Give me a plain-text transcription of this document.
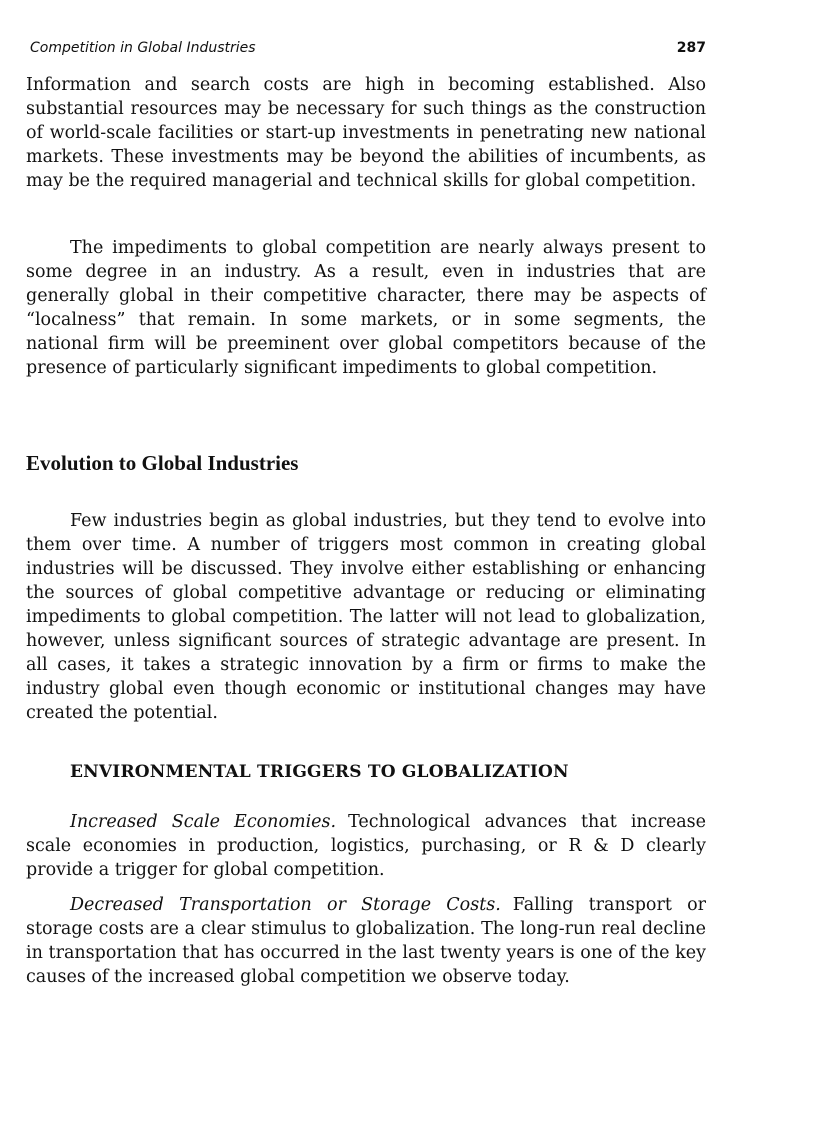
Competition in Global Industries	287

Information and search costs are high in becoming established. Also substantial resources may be necessary for such things as the construction of world-scale facilities or start-up investments in penetrating new national markets. These investments may be beyond the abilities of incumbents, as may be the required managerial and technical skills for global competition.

The impediments to global competition are nearly always present to some degree in an industry. As a result, even in industries that are generally global in their competitive character, there may be aspects of “localness” that remain. In some markets, or in some segments, the national firm will be preeminent over global competitors because of the presence of particularly significant impediments to global competition.

Evolution to Global Industries

Few industries begin as global industries, but they tend to evolve into them over time. A number of triggers most common in creating global industries will be discussed. They involve either establishing or enhancing the sources of global competitive advantage or reducing or eliminating impediments to global competition. The latter will not lead to globalization, however, unless significant sources of strategic advantage are present. In all cases, it takes a strategic innovation by a firm or firms to make the industry global even though economic or institutional changes may have created the potential.

ENVIRONMENTAL TRIGGERS TO GLOBALIZATION

Increased Scale Economies. Technological advances that increase scale economies in production, logistics, purchasing, or R & D clearly provide a trigger for global competition.

Decreased Transportation or Storage Costs. Falling transport or storage costs are a clear stimulus to globalization. The long-run real decline in transportation that has occurred in the last twenty years is one of the key causes of the increased global competition we observe today.
